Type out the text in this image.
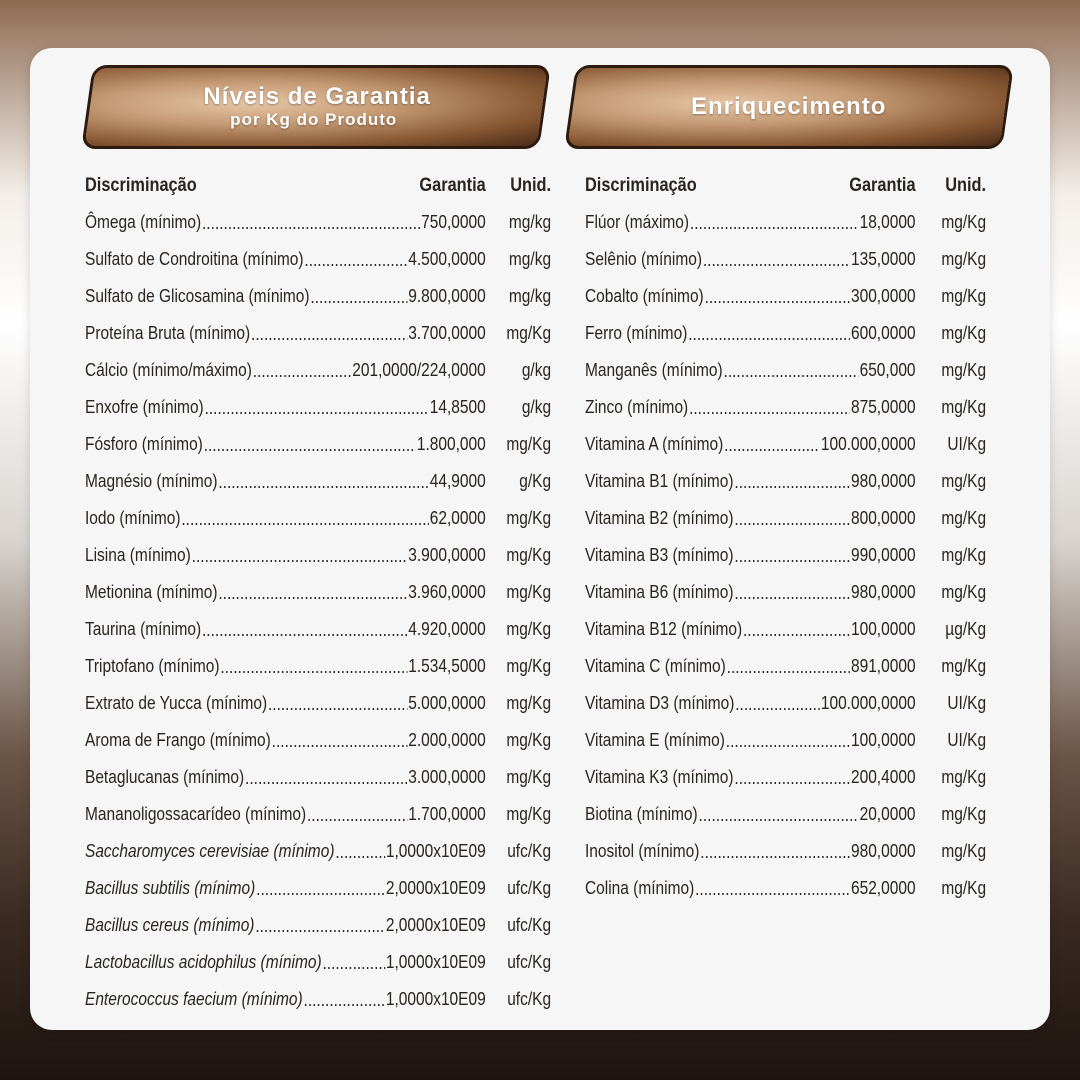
Níveis de Garantia
por Kg do Produto	Enriquecimento
Discriminação	Garantia	Unid.
Ômega (mínimo) .....	750,0000	mg/kg
Sulfato de Condroitina (mínimo) .....	4.500,0000	mg/kg
Sulfato de Glicosamina (mínimo) .....	9.800,0000	mg/kg
Proteína Bruta (mínimo) .....	3.700,0000	mg/Kg
Cálcio (mínimo/máximo) .....	201,0000/224,0000	g/kg
Enxofre (mínimo) .....	14,8500	g/kg
Fósforo (mínimo) .....	1.800,000	mg/Kg
Magnésio (mínimo) .....	44,9000	g/Kg
Iodo (mínimo) .....	62,0000	mg/Kg
Lisina (mínimo) .....	3.900,0000	mg/Kg
Metionina (mínimo) .....	3.960,0000	mg/Kg
Taurina (mínimo) .....	4.920,0000	mg/Kg
Triptofano (mínimo) .....	1.534,5000	mg/Kg
Extrato de Yucca (mínimo) .....	5.000,0000	mg/Kg
Aroma de Frango (mínimo) .....	2.000,0000	mg/Kg
Betaglucanas (mínimo) .....	3.000,0000	mg/Kg
Mananoligossacarídeo (mínimo) .....	1.700,0000	mg/Kg
Saccharomyces cerevisiae (mínimo) .....	1,0000x10E09	ufc/Kg
Bacillus subtilis (mínimo) .....	2,0000x10E09	ufc/Kg
Bacillus cereus (mínimo) .....	2,0000x10E09	ufc/Kg
Lactobacillus acidophilus (mínimo) .....	1,0000x10E09	ufc/Kg
Enterococcus faecium (mínimo) .....	1,0000x10E09	ufc/Kg
Discriminação	Garantia	Unid.
Flúor (máximo) .....	18,0000	mg/Kg
Selênio (mínimo) .....	135,0000	mg/Kg
Cobalto (mínimo) .....	300,0000	mg/Kg
Ferro (mínimo) .....	600,0000	mg/Kg
Manganês (mínimo) .....	650,000	mg/Kg
Zinco (mínimo) .....	875,0000	mg/Kg
Vitamina A (mínimo) .....	100.000,0000	UI/Kg
Vitamina B1 (mínimo) .....	980,0000	mg/Kg
Vitamina B2 (mínimo) .....	800,0000	mg/Kg
Vitamina B3 (mínimo) .....	990,0000	mg/Kg
Vitamina B6 (mínimo) .....	980,0000	mg/Kg
Vitamina B12 (mínimo) .....	100,0000	µg/Kg
Vitamina C (mínimo) .....	891,0000	mg/Kg
Vitamina D3 (mínimo) .....	100.000,0000	UI/Kg
Vitamina E (mínimo) .....	100,0000	UI/Kg
Vitamina K3 (mínimo) .....	200,4000	mg/Kg
Biotina (mínimo) .....	20,0000	mg/Kg
Inositol (mínimo) .....	980,0000	mg/Kg
Colina (mínimo) .....	652,0000	mg/Kg
